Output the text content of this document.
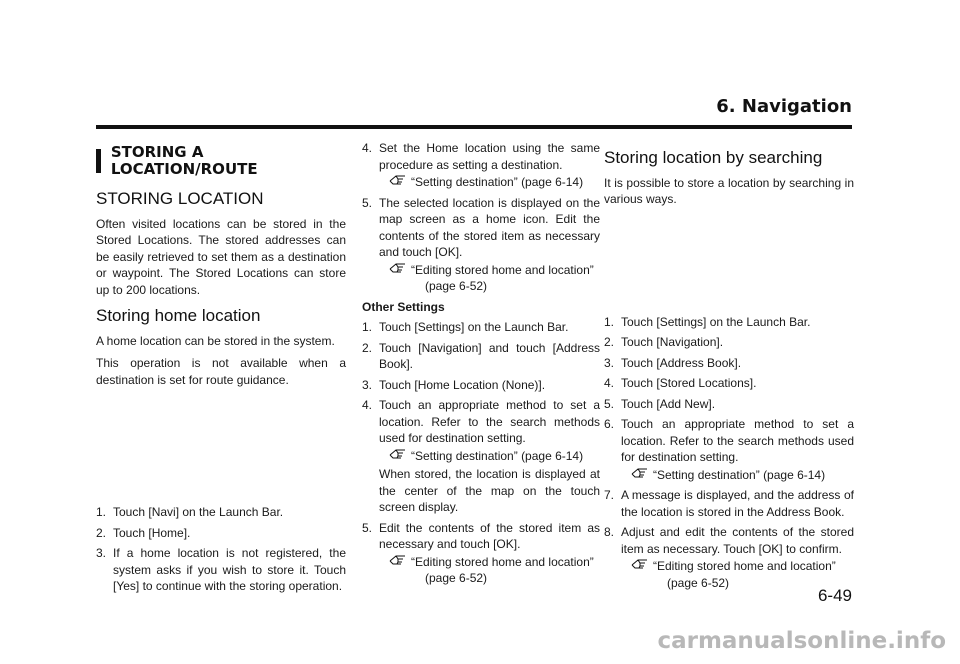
6. Navigation
STORING A LOCATION/ROUTE
STORING LOCATION

Often visited locations can be stored in the Stored Locations. The stored addresses can be easily retrieved to set them as a destination or waypoint. The Stored Locations can store up to 200 locations.

Storing home location

A home location can be stored in the system.

This operation is not available when a destination is set for route guidance.

1. Touch [Navi] on the Launch Bar.
2. Touch [Home].
3. If a home location is not registered, the system asks if you wish to store it. Touch [Yes] to continue with the storing operation.
4. Set the Home location using the same procedure as setting a destination.
“Setting destination” (page 6-14)
5. The selected location is displayed on the map screen as a home icon. Edit the contents of the stored item as necessary and touch [OK].
“Editing stored home and location”
(page 6-52)
Other Settings
1. Touch [Settings] on the Launch Bar.
2. Touch [Navigation] and touch [Address Book].
3. Touch [Home Location (None)].
4. Touch an appropriate method to set a location. Refer to the search methods used for destination setting.
“Setting destination” (page 6-14)

When stored, the location is displayed at the center of the map on the touch screen display.

5. Edit the contents of the stored item as necessary and touch [OK].
“Editing stored home and location”
(page 6-52)
Storing location by searching

It is possible to store a location by searching in various ways.

1. Touch [Settings] on the Launch Bar.
2. Touch [Navigation].
3. Touch [Address Book].
4. Touch [Stored Locations].
5. Touch [Add New].
6. Touch an appropriate method to set a location. Refer to the search methods used for destination setting.
“Setting destination” (page 6-14)
7. A message is displayed, and the address of the location is stored in the Address Book.
8. Adjust and edit the contents of the stored item as necessary. Touch [OK] to confirm.
“Editing stored home and location”
(page 6-52)
6-49
carmanualsonline.info
